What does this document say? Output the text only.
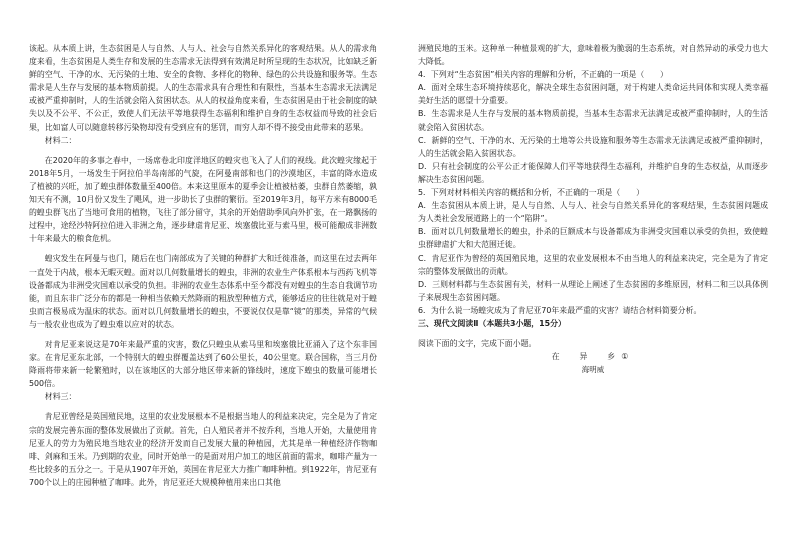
该起。从本质上讲，生态贫困是人与自然、人与人、社会与自然关系异化的客观结果。从人的需求角度来看，生态贫困是人类生存和发展的生态需求无法得到有效满足时所呈现的生态状况，比如缺乏新鲜的空气、干净的水、无污染的土地、安全的食物、多样化的物种、绿色的公共设施和服务等。生态需求是人生存与发展的基本物质前提。人的生态需求具有合理性和有限性，当基本生态需求无法满足或被严重抑制时，人的生活就会陷入贫困状态。从人的权益角度来看，生态贫困是由于社会制度的缺失以及不公平、不公正，致使人们无法平等地获得生态福利和维护自身的生态权益而导致的社会后果，比如富人可以随意转移污染物却没有受到应有的惩罚，而穷人却不得不接受由此带来的恶果。

材料二：

在2020年的多事之春中，一场席卷北印度洋地区的蝗灾也飞入了人们的视线。此次蝗灾缘起于2018年5月，一场发生于阿拉伯半岛南部的气旋，在阿曼南部和也门的沙漠地区，丰富的降水造成了植被的兴旺，加了蝗虫群体数量至400倍。本来这里原本的夏季会让植被枯萎，虫群自然萎缩，孰知天有不测，10月份又发生了飓风，进一步助长了虫群的繁衍。至2019年3月，每平方米有8000毛的蝗虫群飞出了当地可食用的植物，飞往了部分留守，其余的开始借助季风向外扩张，在一路飘扬的过程中，途经沙特阿拉伯进入非洲之角，逐步肆虐肯尼亚、埃塞俄比亚与索马里，极可能酿成非洲数十年来最大的粮食危机。

蝗灾发生在阿曼与也门，随后在也门南部成为了关键的种群扩大和迁徙准备，而这里在过去两年一直处于内战，根本无暇灭蝗。面对以几何数量增长的蝗虫，非洲的农业生产体系根本与西药飞机等设备都成为非洲受灾国难以承受的负担。非洲的农业生态体系中至今都没有对蝗虫的生态自我调节功能，而且东非广泛分布的都是一种相当依赖天然降雨的粗放型种植方式，能够适应的往往就是对于蝗虫而言极易成为温床的状态。面对以几何数量增长的蝗虫，不要说仅仅是靠“镜”的那类，异常的气候与一般农业也成为了蝗虫难以应对的状态。

对肯尼亚来说这是70年来最严重的灾害，数亿只蝗虫从索马里和埃塞俄比亚涌入了这个东非国家。在肯尼亚东北部，一个特别大的蝗虫群覆盖达到了60公里长，40公里宽。联合国称，当三月份降雨将带来新一轮繁殖时，以在该地区的大部分地区带来新的锋线时，速度下蝗虫的数量可能增长500倍。

材料三：

肯尼亚曾经是英国殖民地，这里的农业发展根本不是根据当地人的利益来决定，完全是为了肯定宗的发展完善东面的整体发展做出了贡献。首先，白人殖民者并不按乔利，当地人开始，大量使用肯尼亚人的劳力为殖民地当地农业的经济开发而自己发展大量的种植园，尤其是单一种植经济作物咖啡、剑麻和玉米。乃到期的农业，同时开始单一的是面对用户加工的地区前面的需求，咖啡产量为一些比较多的五分之一。于是从1907年开始，英国在肯尼亚大力推广咖啡种植。到1922年，肯尼亚有700个以上的庄园种植了咖啡。此外，肯尼亚还大规模种植用来出口其他

洲殖民地的玉米。这种单一种植景观的扩大，意味着极为脆弱的生态系统，对自然异动的承受力也大大降低。

4．下列对“生态贫困”相关内容的理解和分析，不正确的一项是（　　）

A．面对全球生态环境持续恶化，解决全球生态贫困问题，对于构建人类命运共同体和实现人类幸福美好生活的愿望十分重要。

B．生态需求是人生存与发展的基本物质前提，当基本生态需求无法满足或被严重抑制时，人的生活就会陷入贫困状态。

C．新鲜的空气、干净的水、无污染的土地等公共设施和服务等生态需求无法满足或被严重抑制时，人的生活就会陷入贫困状态。

D．只有社会制度的公平公正才能保障人们平等地获得生态福利，并维护自身的生态权益，从而逐步解决生态贫困问题。

5．下列对材料相关内容的概括和分析，不正确的一项是（　　）

A．生态贫困从本质上讲，是人与自然、人与人、社会与自然关系异化的客观结果，生态贫困问题成为人类社会发展道路上的一个“陷阱”。

B．面对以几何数量增长的蝗虫，扑杀的巨额成本与设备都成为非洲受灾国难以承受的负担，致使蝗虫群肆虐扩大和大范围迁徙。

C．肯尼亚作为曾经的英国殖民地，这里的农业发展根本不由当地人的利益来决定，完全是为了肯定宗的整体发展做出的贡献。

D．三则材料都与生态贫困有关，材料一从理论上阐述了生态贫困的多维原因，材料二和三以具体例子来展现生态贫困问题。

6．为什么说一场蝗灾成为了肯尼亚70年来最严重的灾害？请结合材料简要分析。

三、现代文阅读Ⅱ（本题共3小题，15分）

阅读下面的文字，完成下面小题。

在　异　乡①

海明威
